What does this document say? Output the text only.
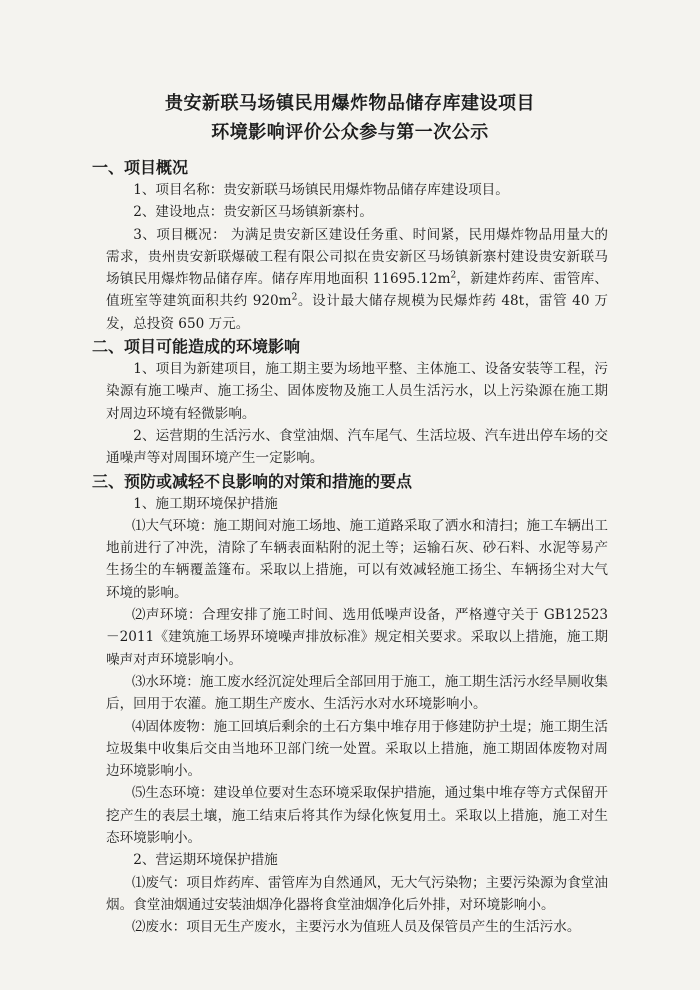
贵安新联马场镇民用爆炸物品储存库建设项目
环境影响评价公众参与第一次公示

一、项目概况

1、项目名称：贵安新联马场镇民用爆炸物品储存库建设项目。

2、建设地点：贵安新区马场镇新寨村。

3、项目概况： 为满足贵安新区建设任务重、时间紧，民用爆炸物品用量大的需求，贵州贵安新联爆破工程有限公司拟在贵安新区马场镇新寨村建设贵安新联马场镇民用爆炸物品储存库。储存库用地面积 $11695.12m^2$，新建炸药库、雷管库、值班室等建筑面积共约 $920m^2$。设计最大储存规模为民爆炸药 48t，雷管 40 万发，总投资 650 万元。

二、项目可能造成的环境影响

1、项目为新建项目，施工期主要为场地平整、主体施工、设备安装等工程，污染源有施工噪声、施工扬尘、固体废物及施工人员生活污水，以上污染源在施工期对周边环境有轻微影响。

2、运营期的生活污水、食堂油烟、汽车尾气、生活垃圾、汽车进出停车场的交通噪声等对周围环境产生一定影响。

三、预防或减轻不良影响的对策和措施的要点

1、施工期环境保护措施

⑴大气环境：施工期间对施工场地、施工道路采取了洒水和清扫；施工车辆出工地前进行了冲洗，清除了车辆表面粘附的泥土等；运输石灰、砂石料、水泥等易产生扬尘的车辆覆盖篷布。采取以上措施，可以有效减轻施工扬尘、车辆扬尘对大气环境的影响。

⑵声环境：合理安排了施工时间、选用低噪声设备，严格遵守关于 GB12523－2011《建筑施工场界环境噪声排放标准》规定相关要求。采取以上措施，施工期噪声对声环境影响小。

⑶水环境：施工废水经沉淀处理后全部回用于施工，施工期生活污水经旱厕收集后，回用于农灌。施工期生产废水、生活污水对水环境影响小。

⑷固体废物：施工回填后剩余的土石方集中堆存用于修建防护土堤；施工期生活垃圾集中收集后交由当地环卫部门统一处置。采取以上措施，施工期固体废物对周边环境影响小。

⑸生态环境：建设单位要对生态环境采取保护措施，通过集中堆存等方式保留开挖产生的表层土壤，施工结束后将其作为绿化恢复用土。采取以上措施，施工对生态环境影响小。

2、营运期环境保护措施

⑴废气：项目炸药库、雷管库为自然通风，无大气污染物；主要污染源为食堂油烟。食堂油烟通过安装油烟净化器将食堂油烟净化后外排，对环境影响小。

⑵废水：项目无生产废水，主要污水为值班人员及保管员产生的生活污水。
